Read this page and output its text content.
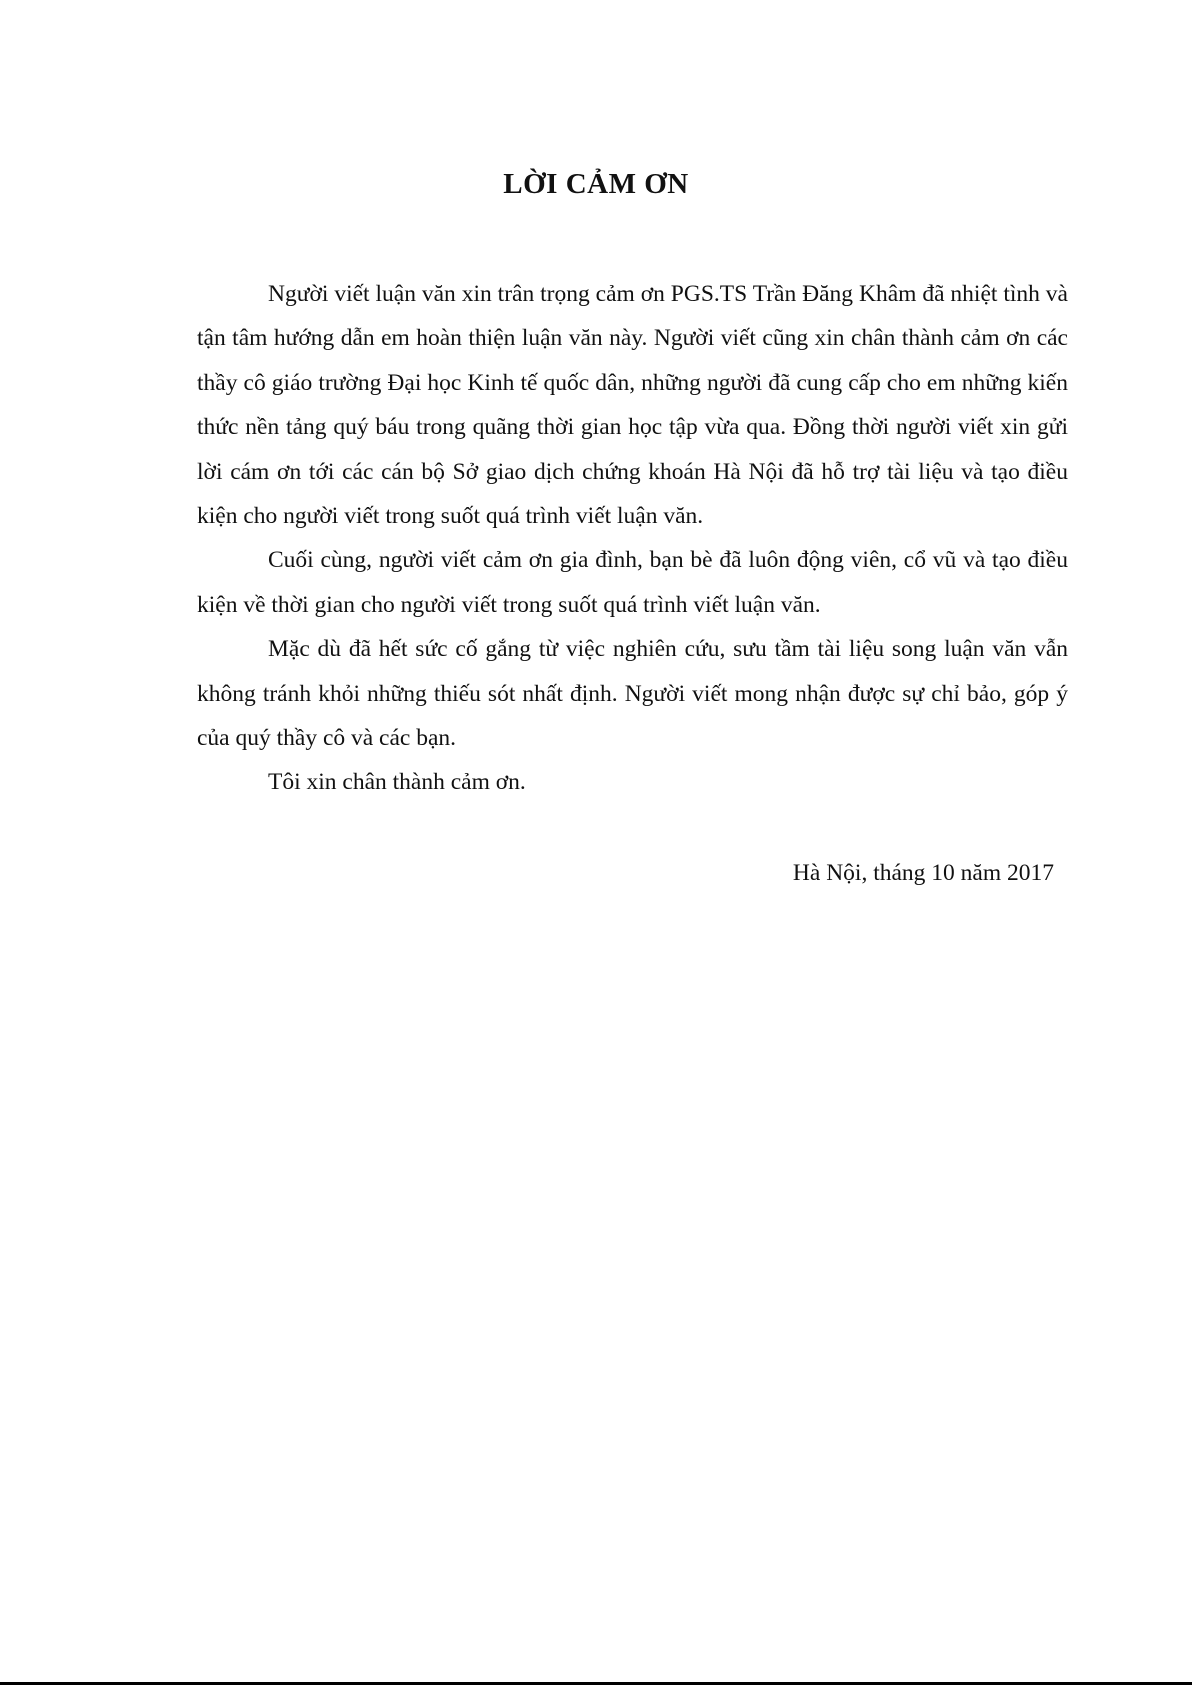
LỜI CẢM ƠN

Người viết luận văn xin trân trọng cảm ơn PGS.TS Trần Đăng Khâm đã nhiệt tình và tận tâm hướng dẫn em hoàn thiện luận văn này. Người viết cũng xin chân thành cảm ơn các thầy cô giáo trường Đại học Kinh tế quốc dân, những người đã cung cấp cho em những kiến thức nền tảng quý báu trong quãng thời gian học tập vừa qua. Đồng thời người viết xin gửi lời cám ơn tới các cán bộ Sở giao dịch chứng khoán Hà Nội đã hỗ trợ tài liệu và tạo điều kiện cho người viết trong suốt quá trình viết luận văn.

Cuối cùng, người viết cảm ơn gia đình, bạn bè đã luôn động viên, cổ vũ và tạo điều kiện về thời gian cho người viết trong suốt quá trình viết luận văn.

Mặc dù đã hết sức cố gắng từ việc nghiên cứu, sưu tầm tài liệu song luận văn vẫn không tránh khỏi những thiếu sót nhất định. Người viết mong nhận được sự chỉ bảo, góp ý của quý thầy cô và các bạn.

Tôi xin chân thành cảm ơn.

Hà Nội, tháng 10 năm 2017
